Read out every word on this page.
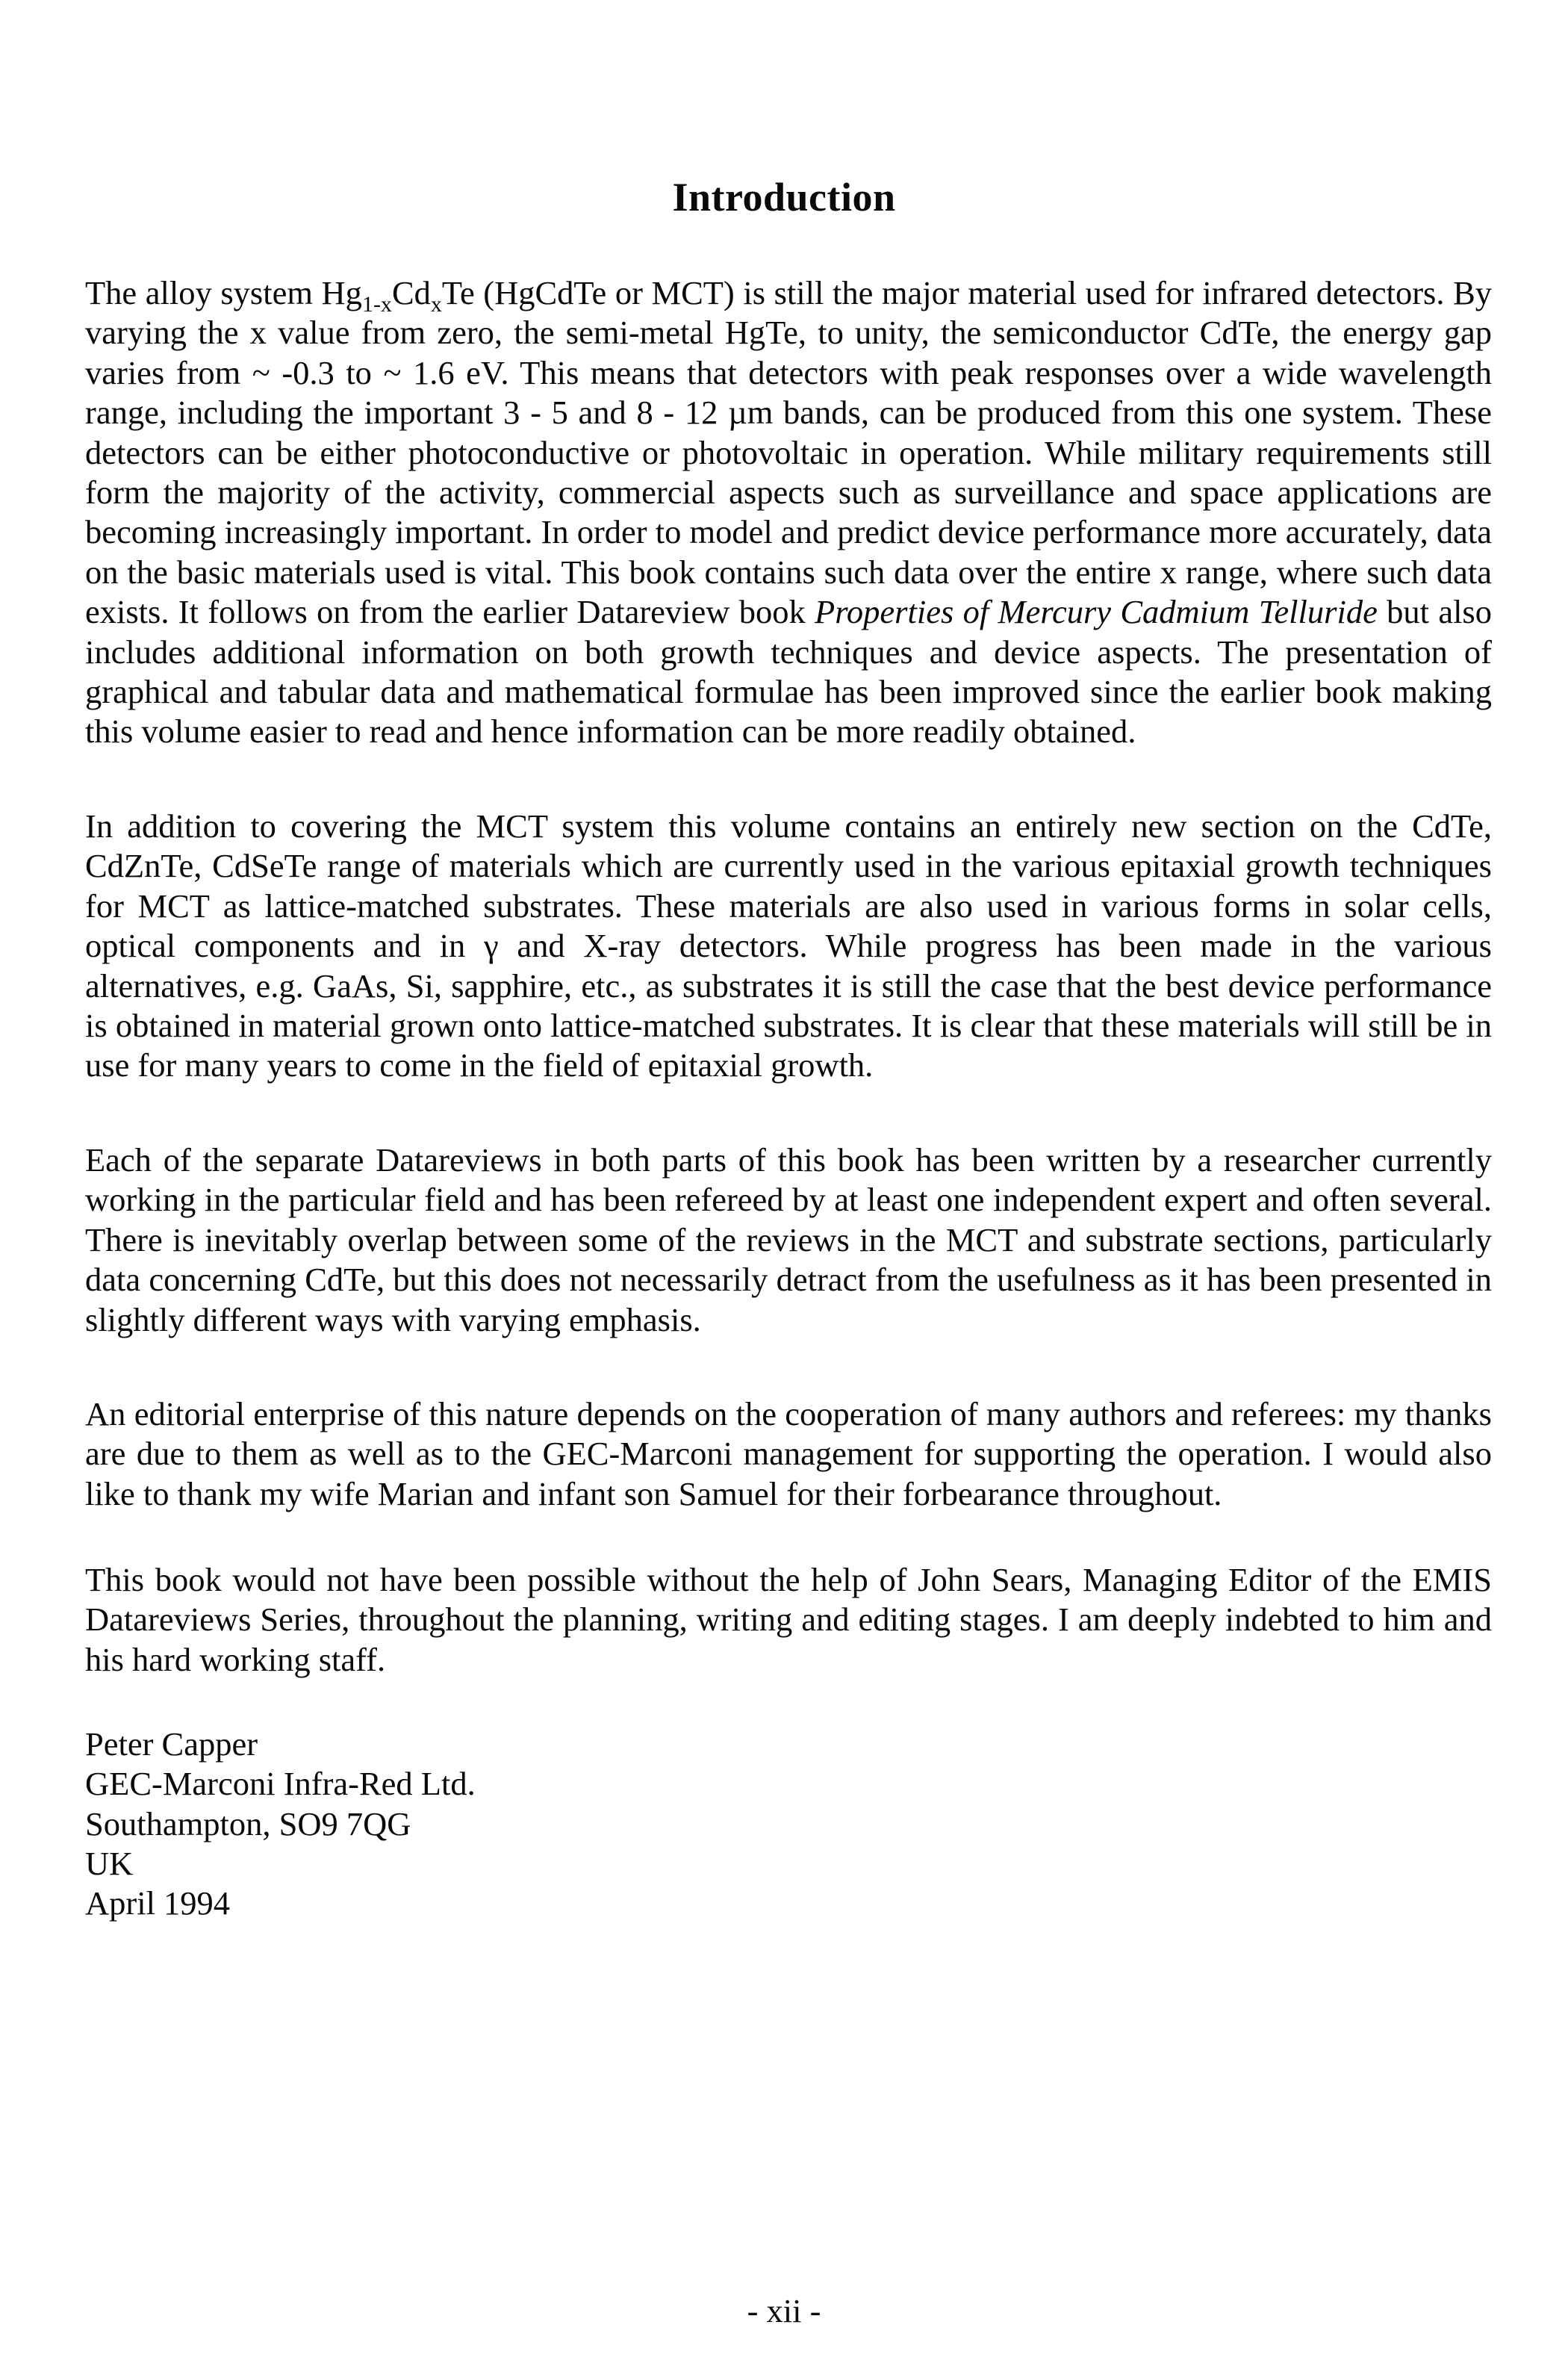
Introduction

The alloy system $Hg_{1-x}Cd_xTe$ (HgCdTe or MCT) is still the major material used for infrared detectors. By varying the x value from zero, the semi-metal HgTe, to unity, the semiconductor CdTe, the energy gap varies from ~ -0.3 to ~ 1.6 eV. This means that detectors with peak responses over a wide wavelength range, including the important 3 - 5 and 8 - 12 µm bands, can be produced from this one system. These detectors can be either photoconductive or photovoltaic in operation. While military requirements still form the majority of the activity, commercial aspects such as surveillance and space applications are becoming increasingly important. In order to model and predict device performance more accurately, data on the basic materials used is vital. This book contains such data over the entire x range, where such data exists. It follows on from the earlier Datareview book Properties of Mercury Cadmium Telluride but also includes additional information on both growth techniques and device aspects. The presentation of graphical and tabular data and mathematical formulae has been improved since the earlier book making this volume easier to read and hence information can be more readily obtained.

In addition to covering the MCT system this volume contains an entirely new section on the CdTe, CdZnTe, CdSeTe range of materials which are currently used in the various epitaxial growth techniques for MCT as lattice-matched substrates. These materials are also used in various forms in solar cells, optical components and in γ and X-ray detectors. While progress has been made in the various alternatives, e.g. GaAs, Si, sapphire, etc., as substrates it is still the case that the best device performance is obtained in material grown onto lattice-matched substrates. It is clear that these materials will still be in use for many years to come in the field of epitaxial growth.

Each of the separate Datareviews in both parts of this book has been written by a researcher currently working in the particular field and has been refereed by at least one independent expert and often several. There is inevitably overlap between some of the reviews in the MCT and substrate sections, particularly data concerning CdTe, but this does not necessarily detract from the usefulness as it has been presented in slightly different ways with varying emphasis.

An editorial enterprise of this nature depends on the cooperation of many authors and referees: my thanks are due to them as well as to the GEC-Marconi management for supporting the operation. I would also like to thank my wife Marian and infant son Samuel for their forbearance throughout.

This book would not have been possible without the help of John Sears, Managing Editor of the EMIS Datareviews Series, throughout the planning, writing and editing stages. I am deeply indebted to him and his hard working staff.

Peter Capper
GEC-Marconi Infra-Red Ltd.
Southampton, SO9 7QG
UK
April 1994
- xii -
